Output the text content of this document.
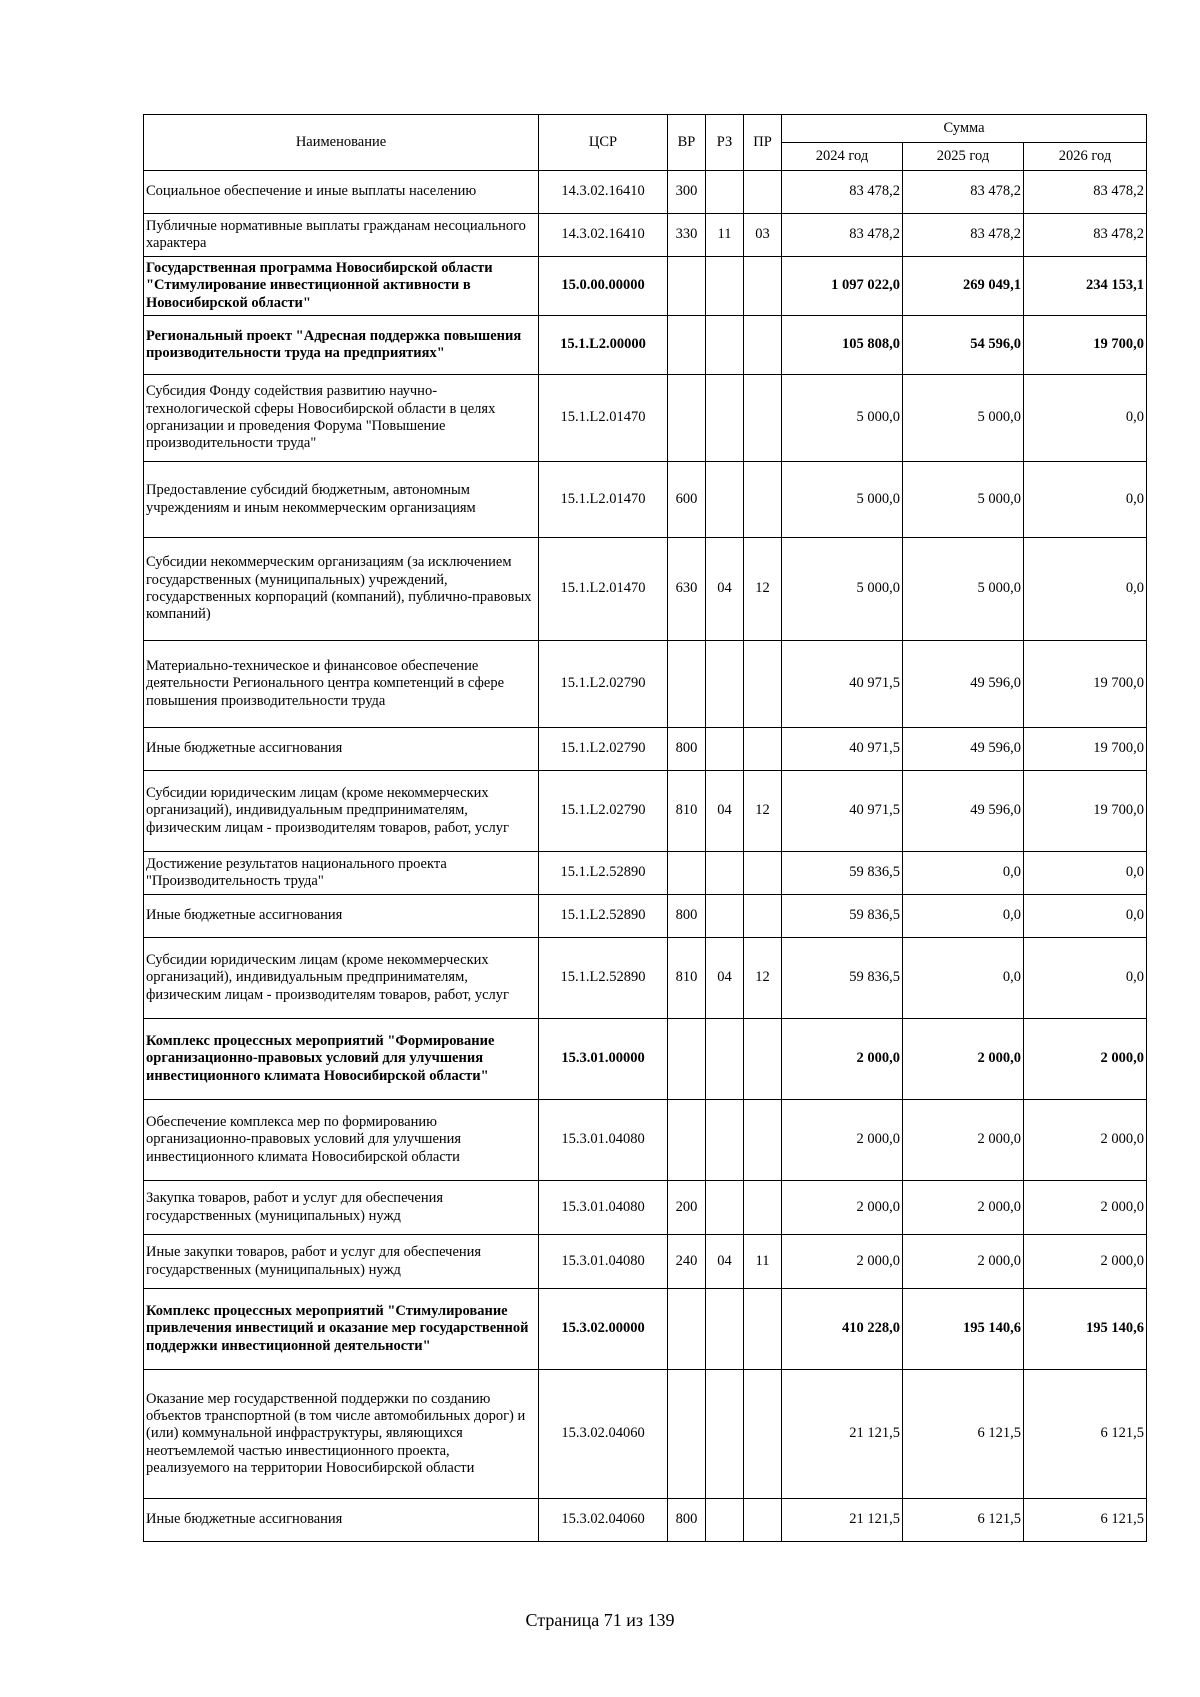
Наименование	ЦСР	ВР	РЗ	ПР	Сумма		
					2024 год	2025 год	2026 год
Социальное обеспечение и иные выплаты населению	14.3.02.16410	300			83 478,2	83 478,2	83 478,2
Публичные нормативные выплаты гражданам несоциального характера	14.3.02.16410	330	11	03	83 478,2	83 478,2	83 478,2
Государственная программа Новосибирской области "Стимулирование инвестиционной активности в Новосибирской области"	15.0.00.00000				1 097 022,0	269 049,1	234 153,1
Региональный проект "Адресная поддержка повышения производительности труда на предприятиях"	15.1.L2.00000				105 808,0	54 596,0	19 700,0
Субсидия Фонду содействия развитию научно-технологической сферы Новосибирской области в целях организации и проведения Форума "Повышение производительности труда"	15.1.L2.01470				5 000,0	5 000,0	0,0
Предоставление субсидий бюджетным, автономным учреждениям и иным некоммерческим организациям	15.1.L2.01470	600			5 000,0	5 000,0	0,0
Субсидии некоммерческим организациям (за исключением государственных (муниципальных) учреждений, государственных корпораций (компаний), публично-правовых компаний)	15.1.L2.01470	630	04	12	5 000,0	5 000,0	0,0
Материально-техническое и финансовое обеспечение деятельности Регионального центра компетенций в сфере повышения производительности труда	15.1.L2.02790				40 971,5	49 596,0	19 700,0
Иные бюджетные ассигнования	15.1.L2.02790	800			40 971,5	49 596,0	19 700,0
Субсидии юридическим лицам (кроме некоммерческих организаций), индивидуальным предпринимателям, физическим лицам - производителям товаров, работ, услуг	15.1.L2.02790	810	04	12	40 971,5	49 596,0	19 700,0
Достижение результатов национального проекта "Производительность труда"	15.1.L2.52890				59 836,5	0,0	0,0
Иные бюджетные ассигнования	15.1.L2.52890	800			59 836,5	0,0	0,0
Субсидии юридическим лицам (кроме некоммерческих организаций), индивидуальным предпринимателям, физическим лицам - производителям товаров, работ, услуг	15.1.L2.52890	810	04	12	59 836,5	0,0	0,0
Комплекс процессных мероприятий "Формирование организационно-правовых условий для улучшения инвестиционного климата Новосибирской области"	15.3.01.00000				2 000,0	2 000,0	2 000,0
Обеспечение комплекса мер по формированию организационно-правовых условий для улучшения инвестиционного климата Новосибирской области	15.3.01.04080				2 000,0	2 000,0	2 000,0
Закупка товаров, работ и услуг для обеспечения государственных (муниципальных) нужд	15.3.01.04080	200			2 000,0	2 000,0	2 000,0
Иные закупки товаров, работ и услуг для обеспечения государственных (муниципальных) нужд	15.3.01.04080	240	04	11	2 000,0	2 000,0	2 000,0
Комплекс процессных мероприятий "Стимулирование привлечения инвестиций и оказание мер государственной поддержки инвестиционной деятельности"	15.3.02.00000				410 228,0	195 140,6	195 140,6
Оказание мер государственной поддержки по созданию объектов транспортной (в том числе автомобильных дорог) и (или) коммунальной инфраструктуры, являющихся неотъемлемой частью инвестиционного проекта, реализуемого на территории Новосибирской области	15.3.02.04060				21 121,5	6 121,5	6 121,5
Иные бюджетные ассигнования	15.3.02.04060	800			21 121,5	6 121,5	6 121,5
Страница 71 из 139
